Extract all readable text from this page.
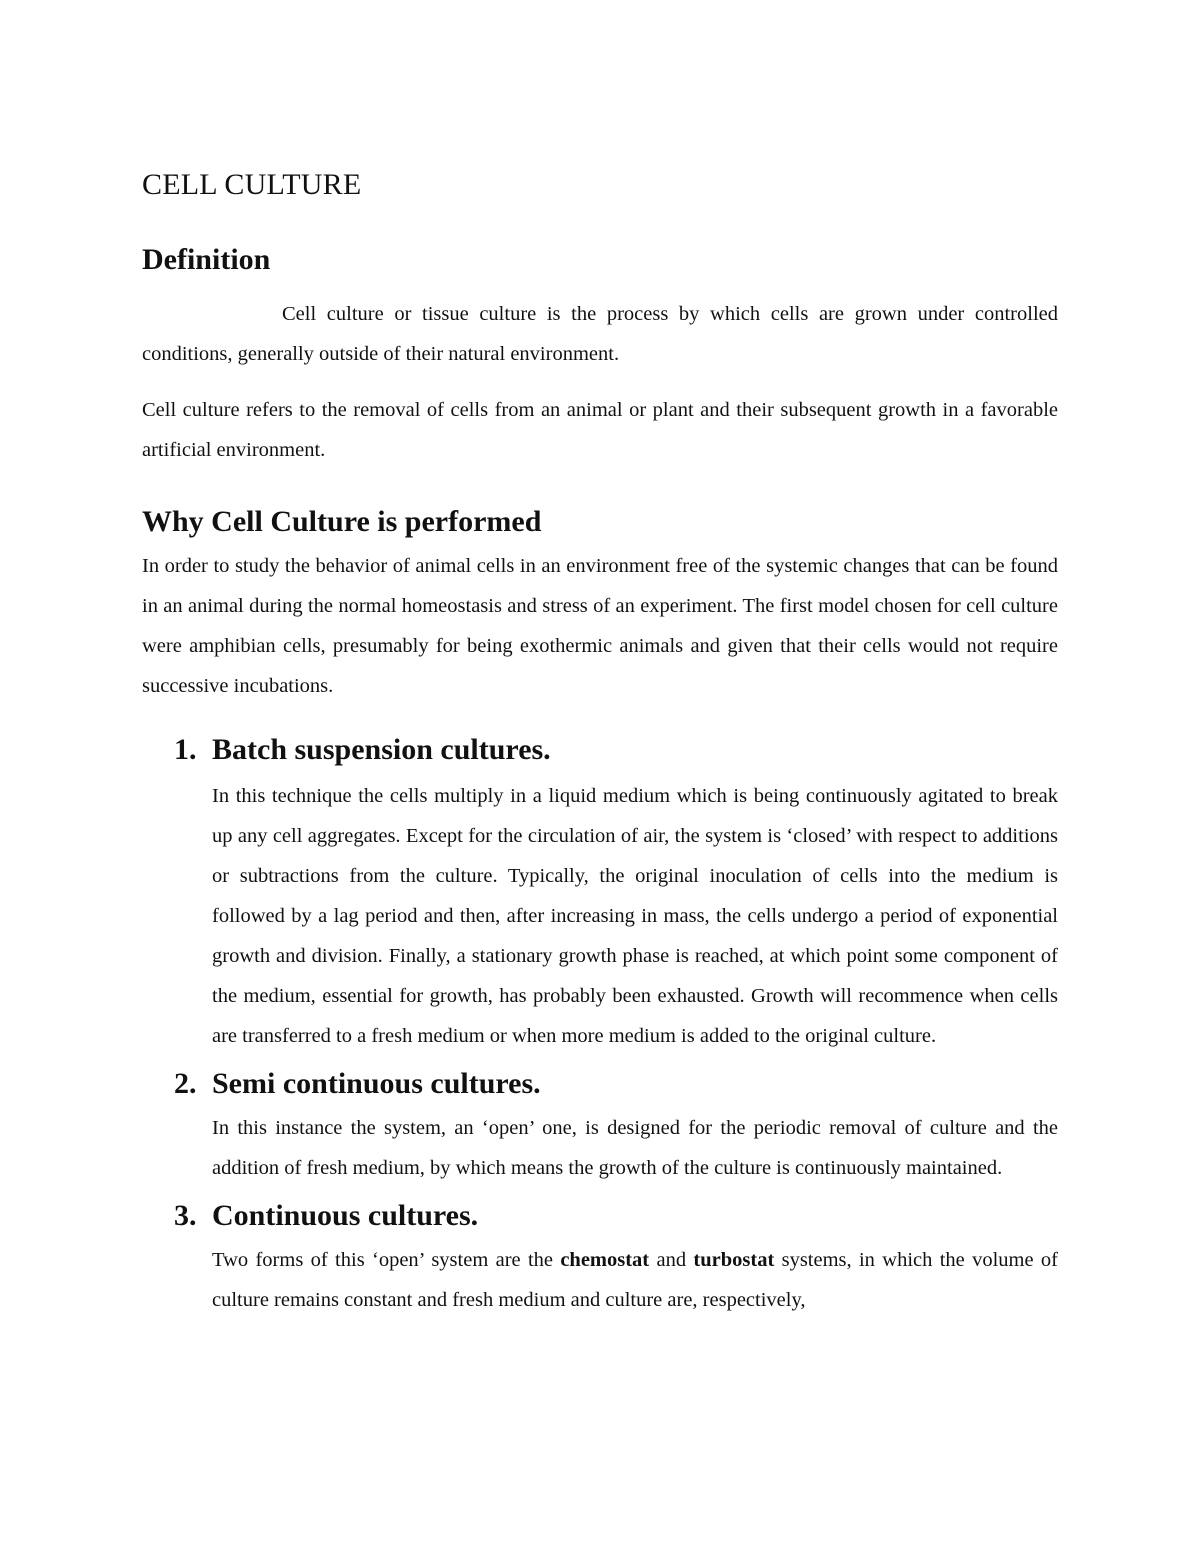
CELL CULTURE
Definition

Cell culture or tissue culture is the process by which cells are grown under controlled conditions, generally outside of their natural environment.

Cell culture refers to the removal of cells from an animal or plant and their subsequent growth in a favorable artificial environment.

Why Cell Culture is performed

In order to study the behavior of animal cells in an environment free of the systemic changes that can be found in an animal during the normal homeostasis and stress of an experiment. The first model chosen for cell culture were amphibian cells, presumably for being exothermic animals and given that their cells would not require successive incubations.

1. Batch suspension cultures.

In this technique the cells multiply in a liquid medium which is being continuously agitated to break up any cell aggregates. Except for the circulation of air, the system is ‘closed’ with respect to additions or subtractions from the culture. Typically, the original inoculation of cells into the medium is followed by a lag period and then, after increasing in mass, the cells undergo a period of exponential growth and division. Finally, a stationary growth phase is reached, at which point some component of the medium, essential for growth, has probably been exhausted. Growth will recommence when cells are transferred to a fresh medium or when more medium is added to the original culture.

2. Semi continuous cultures.

In this instance the system, an ‘open’ one, is designed for the periodic removal of culture and the addition of fresh medium, by which means the growth of the culture is continuously maintained.

3. Continuous cultures.

Two forms of this ‘open’ system are the chemostat and turbostat systems, in which the volume of culture remains constant and fresh medium and culture are, respectively,
